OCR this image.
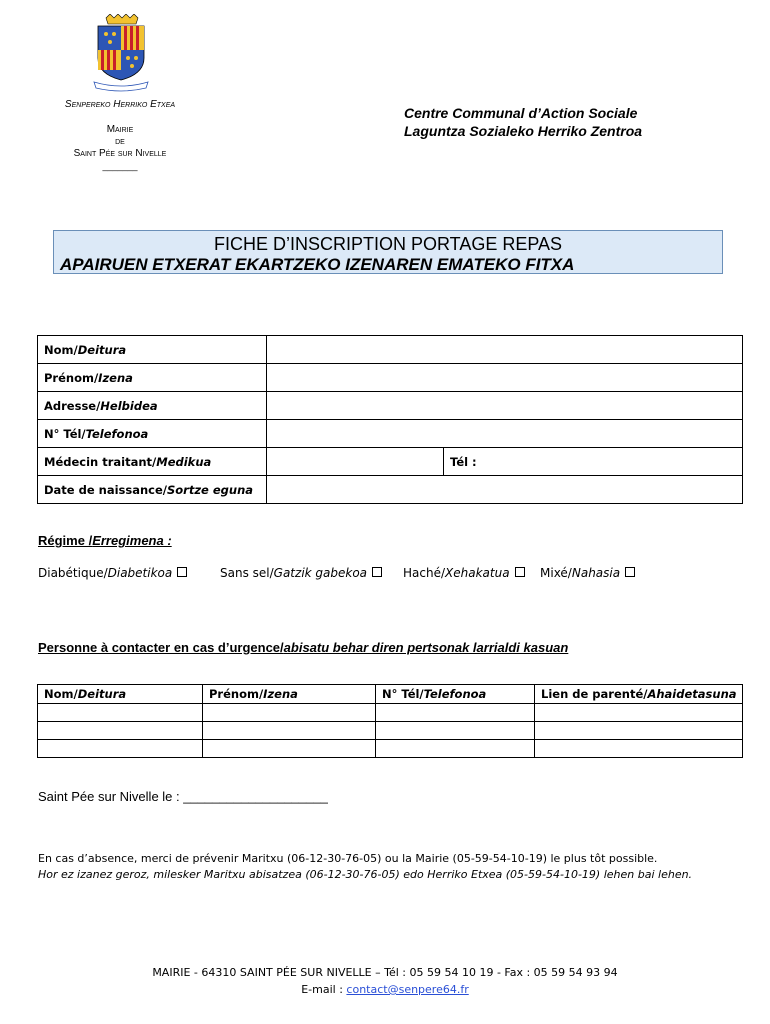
Senpereko Herriko Etxea
Mairie
de
Saint Pée sur Nivelle
_______
Centre Communal d’Action Sociale
Laguntza Sozialeko Herriko Zentroa
FICHE D’INSCRIPTION PORTAGE REPAS
APAIRUEN ETXERAT EKARTZEKO IZENAREN EMATEKO FITXA
Nom/Deitura		
Prénom/Izena		
Adresse/Helbidea		
N° Tél/Telefonoa		
Médecin traitant/Medikua		Tél :
Date de naissance/Sortze eguna		
Régime /Erregimena :
Diabétique/Diabetikoa	Sans sel/Gatzik gabekoa	Haché/Xehakatua	Mixé/Nahasia
Personne à contacter en cas d’urgence/abisatu behar diren pertsonak larrialdi kasuan
Nom/Deitura	Prénom/Izena	N° Tél/Telefonoa	Lien de parenté/Ahaidetasuna

Saint Pée sur Nivelle le : ____________________
En cas d’absence, merci de prévenir Maritxu (06-12-30-76-05) ou la Mairie (05-59-54-10-19) le plus tôt possible.
Hor ez izanez geroz, milesker Maritxu abisatzea (06-12-30-76-05) edo Herriko Etxea (05-59-54-10-19) lehen bai lehen.
MAIRIE - 64310 SAINT PÉE SUR NIVELLE – Tél : 05 59 54 10 19 - Fax : 05 59 54 93 94
E-mail : contact@senpere64.fr
